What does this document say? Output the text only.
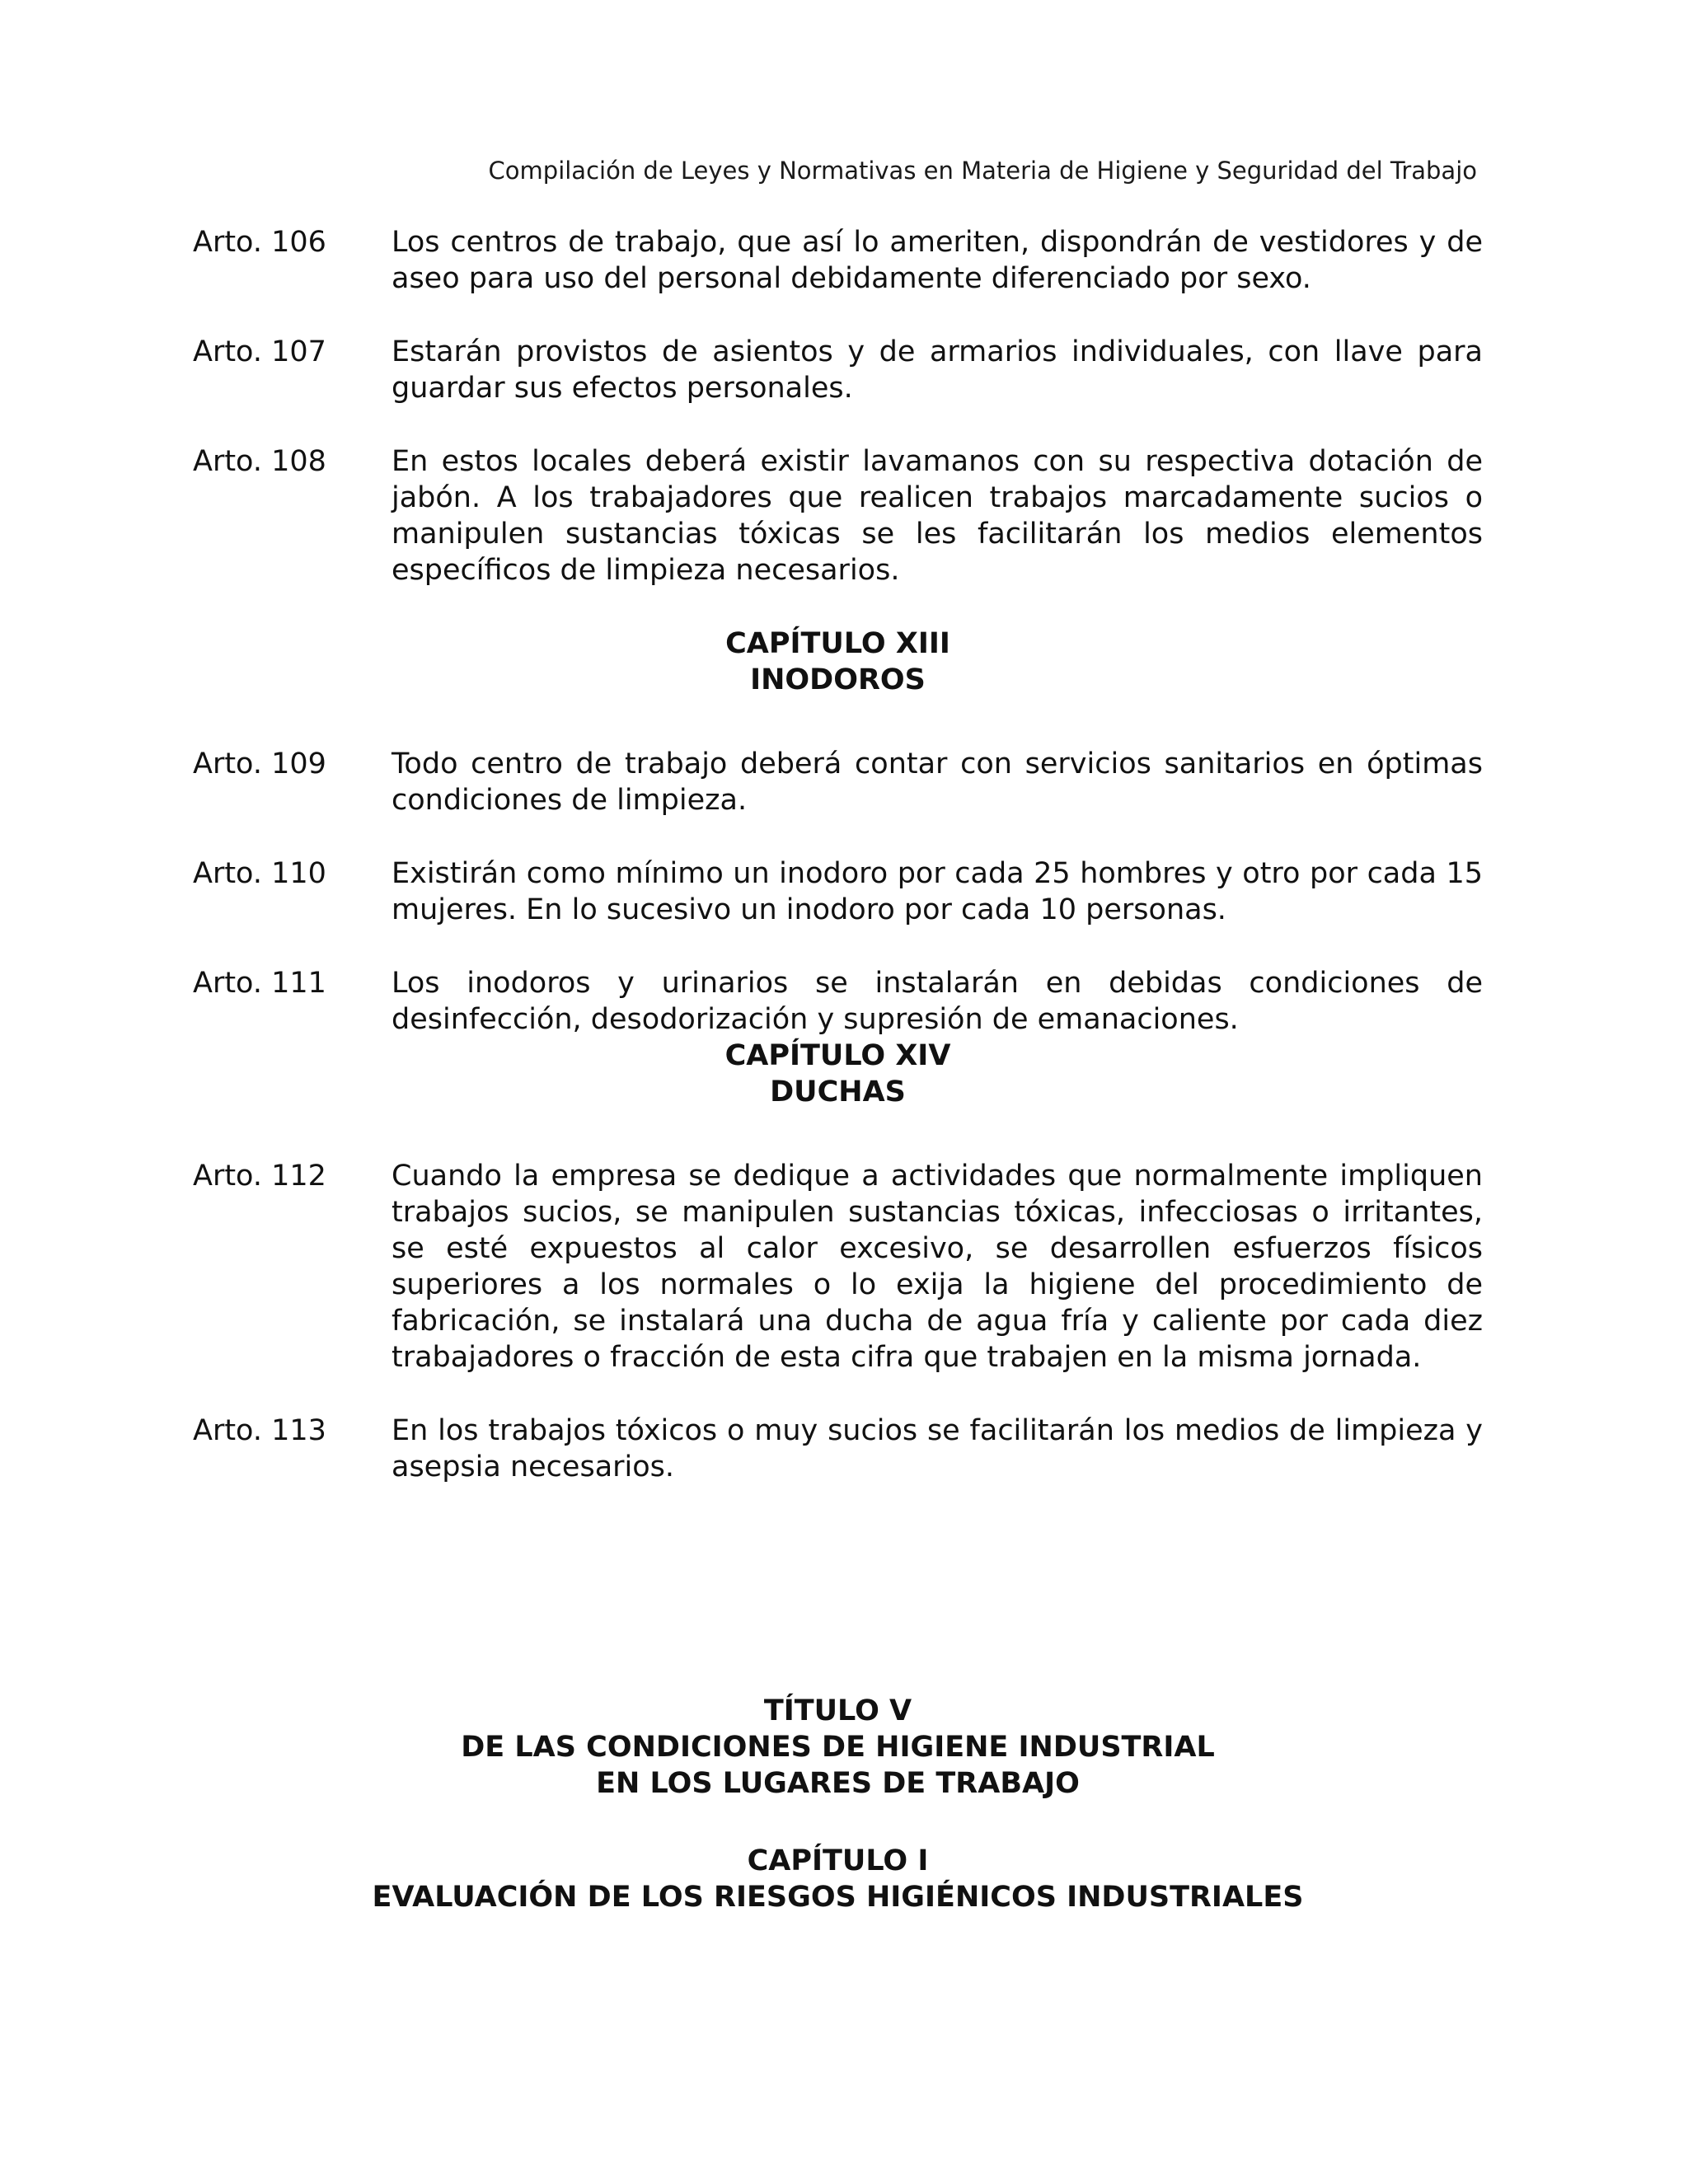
Compilación de Leyes y Normativas en Materia de Higiene y Seguridad del Trabajo
Arto. 106	Los centros de trabajo, que así lo ameriten, dispondrán de vestidores y de aseo para uso del personal debidamente diferenciado por sexo.
Arto. 107	Estarán provistos de asientos y de armarios individuales, con llave para guardar sus efectos personales.
Arto. 108	En estos locales deberá existir lavamanos con su respectiva dotación de jabón. A los trabajadores que realicen trabajos marcadamente sucios o manipulen sustancias tóxicas se les facilitarán los medios elementos específicos de limpieza necesarios.
CAPÍTULO XIII
INODOROS
Arto. 109	Todo centro de trabajo deberá contar con servicios sanitarios en óptimas condiciones de limpieza.
Arto. 110	Existirán como mínimo un inodoro por cada 25 hombres y otro por cada 15 mujeres. En lo sucesivo un inodoro por cada 10 personas.
Arto. 111	Los inodoros y urinarios se instalarán en debidas condiciones de desinfección, desodorización y supresión de emanaciones.
CAPÍTULO XIV
DUCHAS
Arto. 112	Cuando la empresa se dedique a actividades que normalmente impliquen trabajos sucios, se manipulen sustancias tóxicas, infecciosas o irritantes, se esté expuestos al calor excesivo, se desarrollen esfuerzos físicos superiores a los normales o lo exija la higiene del procedimiento de fabricación, se instalará una ducha de agua fría y caliente por cada diez trabajadores o fracción de esta cifra que trabajen en la misma jornada.
Arto. 113	En los trabajos tóxicos o muy sucios se facilitarán los medios de limpieza y asepsia necesarios.
TÍTULO V
DE LAS CONDICIONES DE HIGIENE INDUSTRIAL
EN LOS LUGARES DE TRABAJO
CAPÍTULO I
EVALUACIÓN DE LOS RIESGOS HIGIÉNICOS INDUSTRIALES
